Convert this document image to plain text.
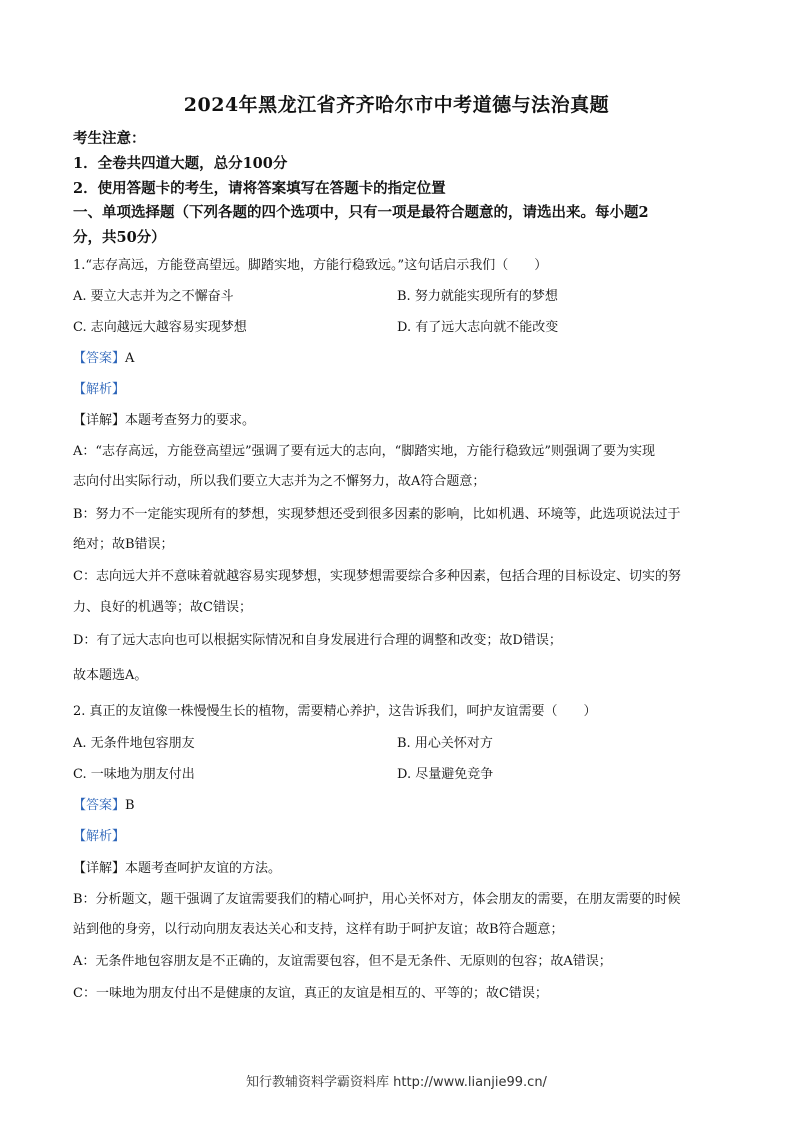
2024年黑龙江省齐齐哈尔市中考道德与法治真题
考生注意：
1．全卷共四道大题，总分100分
2．使用答题卡的考生，请将答案填写在答题卡的指定位置
一、单项选择题（下列各题的四个选项中，只有一项是最符合题意的，请选出来。每小题2
分，共50分）
1.“志存高远，方能登高望远。脚踏实地，方能行稳致远。”这句话启示我们（　　）
A. 要立大志并为之不懈奋斗	B. 努力就能实现所有的梦想
C. 志向越远大越容易实现梦想	D. 有了远大志向就不能改变
【答案】A
【解析】
【详解】本题考查努力的要求。
A：“志存高远，方能登高望远”强调了要有远大的志向，“脚踏实地，方能行稳致远”则强调了要为实现
志向付出实际行动，所以我们要立大志并为之不懈努力，故A符合题意；
B：努力不一定能实现所有的梦想，实现梦想还受到很多因素的影响，比如机遇、环境等，此选项说法过于
绝对；故B错误；
C：志向远大并不意味着就越容易实现梦想，实现梦想需要综合多种因素，包括合理的目标设定、切实的努
力、良好的机遇等；故C错误；
D：有了远大志向也可以根据实际情况和自身发展进行合理的调整和改变；故D错误；
故本题选A。
2. 真正的友谊像一株慢慢生长的植物，需要精心养护，这告诉我们，呵护友谊需要（　　）
A. 无条件地包容朋友	B. 用心关怀对方
C. 一味地为朋友付出	D. 尽量避免竞争
【答案】B
【解析】
【详解】本题考查呵护友谊的方法。
B：分析题文，题干强调了友谊需要我们的精心呵护，用心关怀对方，体会朋友的需要，在朋友需要的时候
站到他的身旁，以行动向朋友表达关心和支持，这样有助于呵护友谊；故B符合题意；
A：无条件地包容朋友是不正确的，友谊需要包容，但不是无条件、无原则的包容；故A错误；
C：一味地为朋友付出不是健康的友谊，真正的友谊是相互的、平等的；故C错误；
知行教辅资料学霸资料库 http://www.lianjie99.cn/
